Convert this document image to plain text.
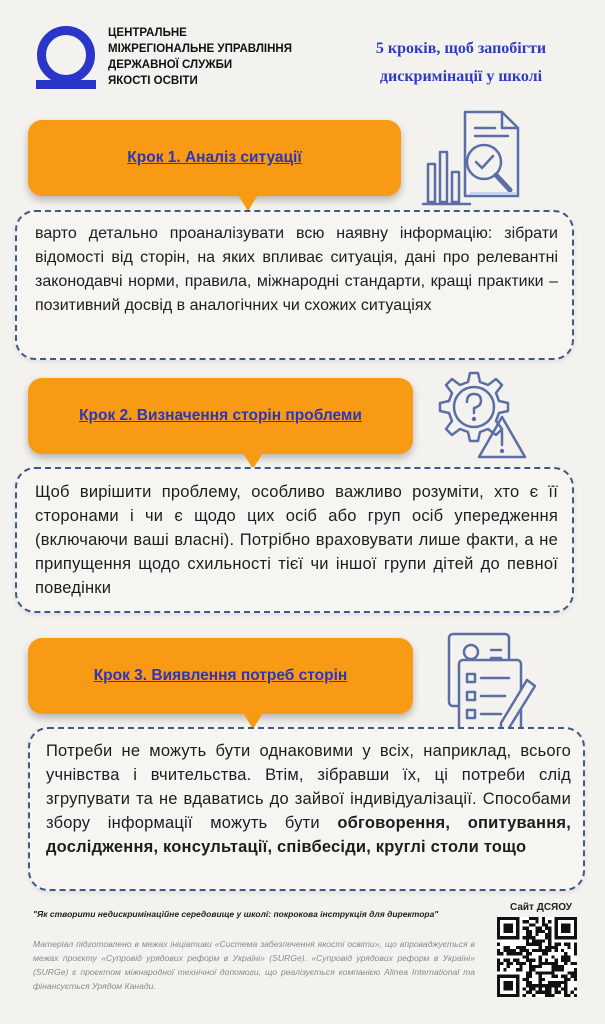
ЦЕНТРАЛЬНЕ
МІЖРЕГІОНАЛЬНЕ УПРАВЛІННЯ
ДЕРЖАВНОЇ СЛУЖБИ
ЯКОСТІ ОСВІТИ
5 кроків, щоб запобігти
дискримінації у школі
Крок 1. Аналіз ситуації

варто детально проаналізувати всю наявну інформацію: зібрати відомості від сторін, на яких впливає ситуація, дані про релевантні законодавчі норми, правила, міжнародні стандарти, кращі практики – позитивний досвід в аналогічних чи схожих ситуаціях

Крок 2. Визначення сторін проблеми

Щоб вирішити проблему, особливо важливо розуміти, хто є її сторонами і чи є щодо цих осіб або груп осіб упередження (включаючи ваші власні). Потрібно враховувати лише факти, а не припущення щодо схильності тієї чи іншої групи дітей до певної поведінки

Крок 3. Виявлення потреб сторін

Потреби не можуть бути однаковими у всіх, наприклад, всього учнівства і вчительства. Втім, зібравши їх, ці потреби слід згрупувати та не вдаватись до зайвої індивідуалізації. Способами збору інформації можуть бути обговорення, опитування, дослідження, консультації, співбесіди, круглі столи тощо

"Як створити недискримінаційне середовище у школі: покрокова інструкція для директора"
Матеріал підготовлено в межах ініціативи «Система забезпечення якості освіти», що впроваджується в межах проєкту «Супровід урядових реформ в Україні» (SURGe). «Супровід урядових реформ в Україні» (SURGe) є проєктом міжнародної технічної допомоги, що реалізується компанією Alinea International та фінансується Урядом Канади.
Сайт ДСЯОУ
